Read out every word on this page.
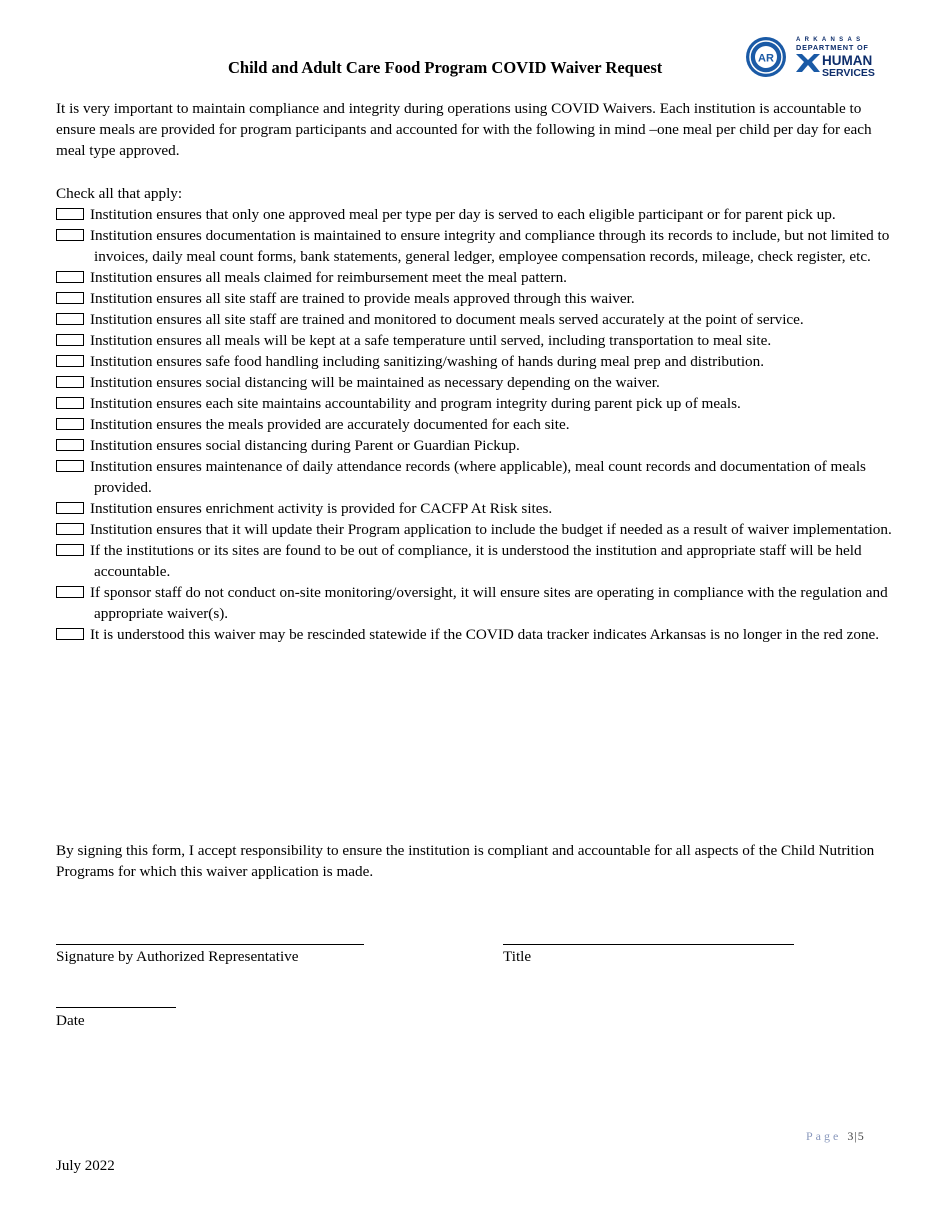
Child and Adult Care Food Program COVID Waiver Request	AR
ARKANSAS
DEPARTMENT OF
HUMAN
SERVICES
It is very important to maintain compliance and integrity during operations using COVID Waivers. Each institution is accountable to ensure meals are provided for program participants and accounted for with the following in mind –one meal per child per day for each meal type approved.
Check all that apply:

Institution ensures that only one approved meal per type per day is served to each eligible participant or for parent pick up.

Institution ensures documentation is maintained to ensure integrity and compliance through its records to include, but not limited to invoices, daily meal count forms, bank statements, general ledger, employee compensation records, mileage, check register, etc.

Institution ensures all meals claimed for reimbursement meet the meal pattern.

Institution ensures all site staff are trained to provide meals approved through this waiver.

Institution ensures all site staff are trained and monitored to document meals served accurately at the point of service.

Institution ensures all meals will be kept at a safe temperature until served, including transportation to meal site.

Institution ensures safe food handling including sanitizing/washing of hands during meal prep and distribution.

Institution ensures social distancing will be maintained as necessary depending on the waiver.

Institution ensures each site maintains accountability and program integrity during parent pick up of meals.

Institution ensures the meals provided are accurately documented for each site.

Institution ensures social distancing during Parent or Guardian Pickup.

Institution ensures maintenance of daily attendance records (where applicable), meal count records and documentation of meals provided.

Institution ensures enrichment activity is provided for CACFP At Risk sites.

Institution ensures that it will update their Program application to include the budget if needed as a result of waiver implementation.

If the institutions or its sites are found to be out of compliance, it is understood the institution and appropriate staff will be held accountable.

If sponsor staff do not conduct on-site monitoring/oversight, it will ensure sites are operating in compliance with the regulation and appropriate waiver(s).

It is understood this waiver may be rescinded statewide if the COVID data tracker indicates Arkansas is no longer in the red zone.

By signing this form, I accept responsibility to ensure the institution is compliant and accountable for all aspects of the Child Nutrition Programs for which this waiver application is made.
Signature by Authorized Representative	Title
Date
Page 3|5
July 2022
